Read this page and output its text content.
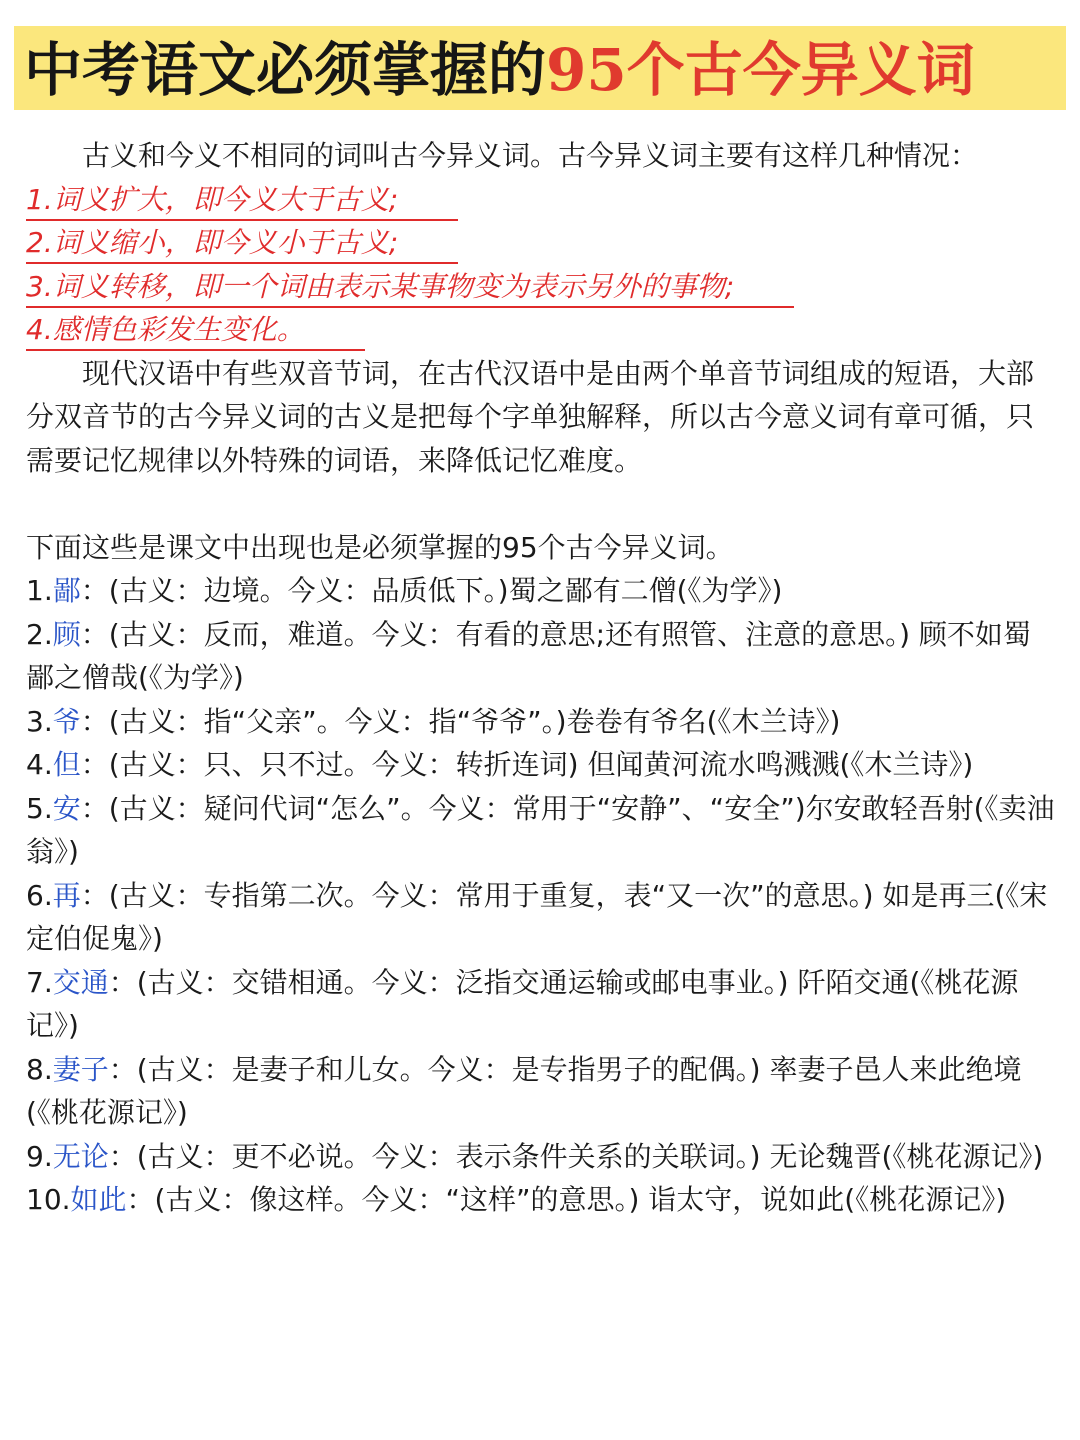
中考语文必须掌握的95个古今异义词

古义和今义不相同的词叫古今异义词。古今异义词主要有这样几种情况：

1.词义扩大，即今义大于古义;
2.词义缩小，即今义小于古义;
3.词义转移，即一个词由表示某事物变为表示另外的事物;
4.感情色彩发生变化。

现代汉语中有些双音节词，在古代汉语中是由两个单音节词组成的短语，大部分双音节的古今异义词的古义是把每个字单独解释，所以古今意义词有章可循，只需要记忆规律以外特殊的词语，来降低记忆难度。

下面这些是课文中出现也是必须掌握的95个古今异义词。

1.鄙：(古义：边境。今义：品质低下。)蜀之鄙有二僧(《为学》)
2.顾：(古义：反而，难道。今义：有看的意思;还有照管、注意的意思。) 顾不如蜀鄙之僧哉(《为学》)
3.爷：(古义：指“父亲”。今义：指“爷爷”。)卷卷有爷名(《木兰诗》)
4.但：(古义：只、只不过。今义：转折连词) 但闻黄河流水鸣溅溅(《木兰诗》)
5.安：(古义：疑问代词“怎么”。今义：常用于“安静”、“安全”)尔安敢轻吾射(《卖油翁》)
6.再：(古义：专指第二次。今义：常用于重复，表“又一次”的意思。) 如是再三(《宋定伯促鬼》)
7.交通：(古义：交错相通。今义：泛指交通运输或邮电事业。) 阡陌交通(《桃花源记》)
8.妻子：(古义：是妻子和儿女。今义：是专指男子的配偶。) 率妻子邑人来此绝境(《桃花源记》)
9.无论：(古义：更不必说。今义：表示条件关系的关联词。) 无论魏晋(《桃花源记》)
10.如此：(古义：像这样。今义：“这样”的意思。) 诣太守，说如此(《桃花源记》)
